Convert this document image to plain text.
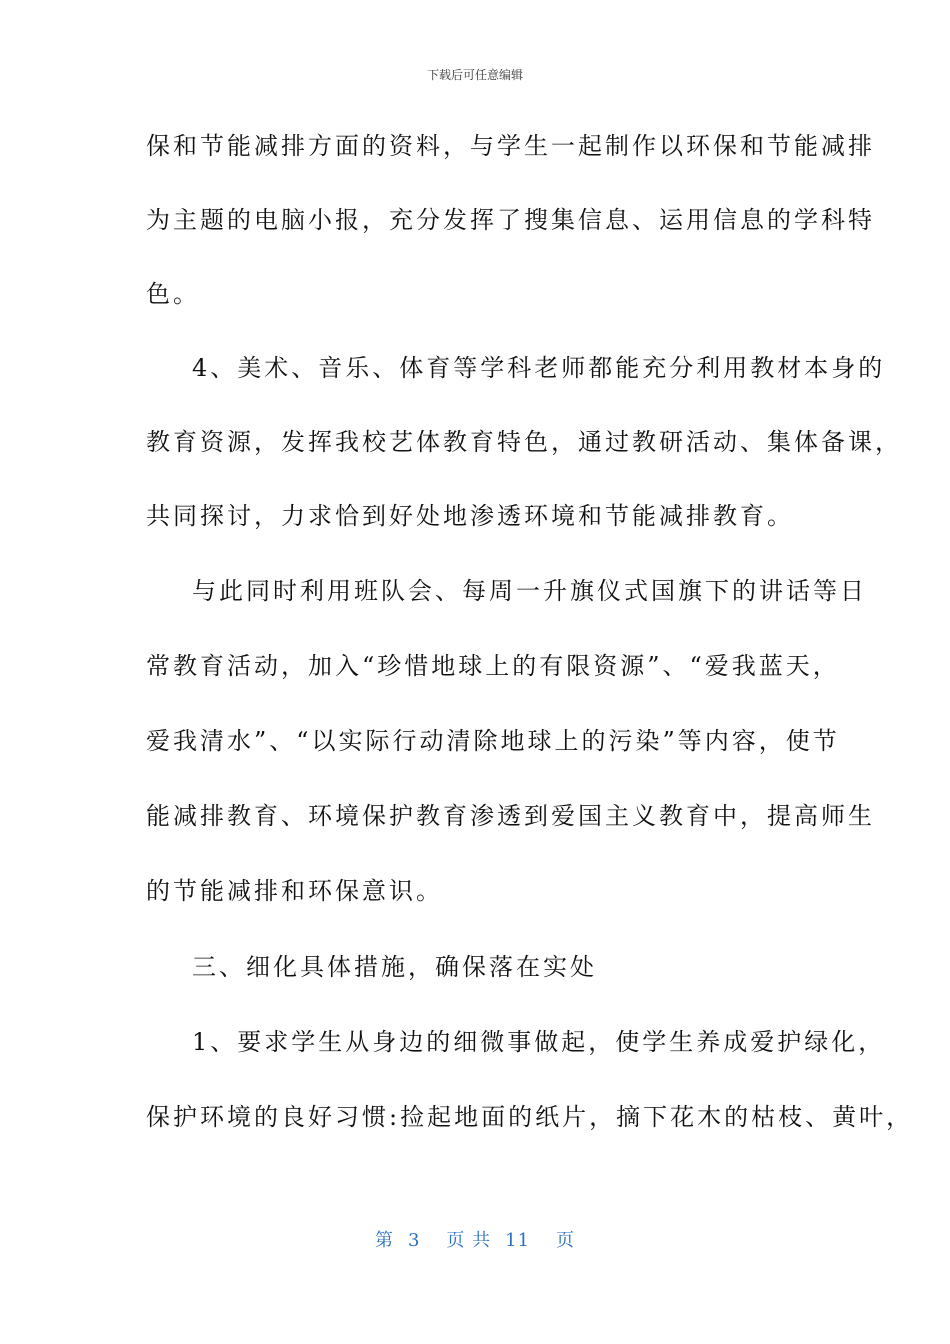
下载后可任意编辑
保和节能减排方面的资料，与学生一起制作以环保和节能减排
为主题的电脑小报，充分发挥了搜集信息、运用信息的学科特
色。
4、美术、音乐、体育等学科老师都能充分利用教材本身的
教育资源，发挥我校艺体教育特色，通过教研活动、集体备课，
共同探讨，力求恰到好处地渗透环境和节能减排教育。
与此同时利用班队会、每周一升旗仪式国旗下的讲话等日
常教育活动，加入“珍惜地球上的有限资源”、“爱我蓝天，
爱我清水”、“以实际行动清除地球上的污染”等内容，使节
能减排教育、环境保护教育渗透到爱国主义教育中，提高师生
的节能减排和环保意识。
三、细化具体措施，确保落在实处
1、要求学生从身边的细微事做起，使学生养成爱护绿化，
保护环境的良好习惯:捡起地面的纸片，摘下花木的枯枝、黄叶，
第 3 页 共 11 页
